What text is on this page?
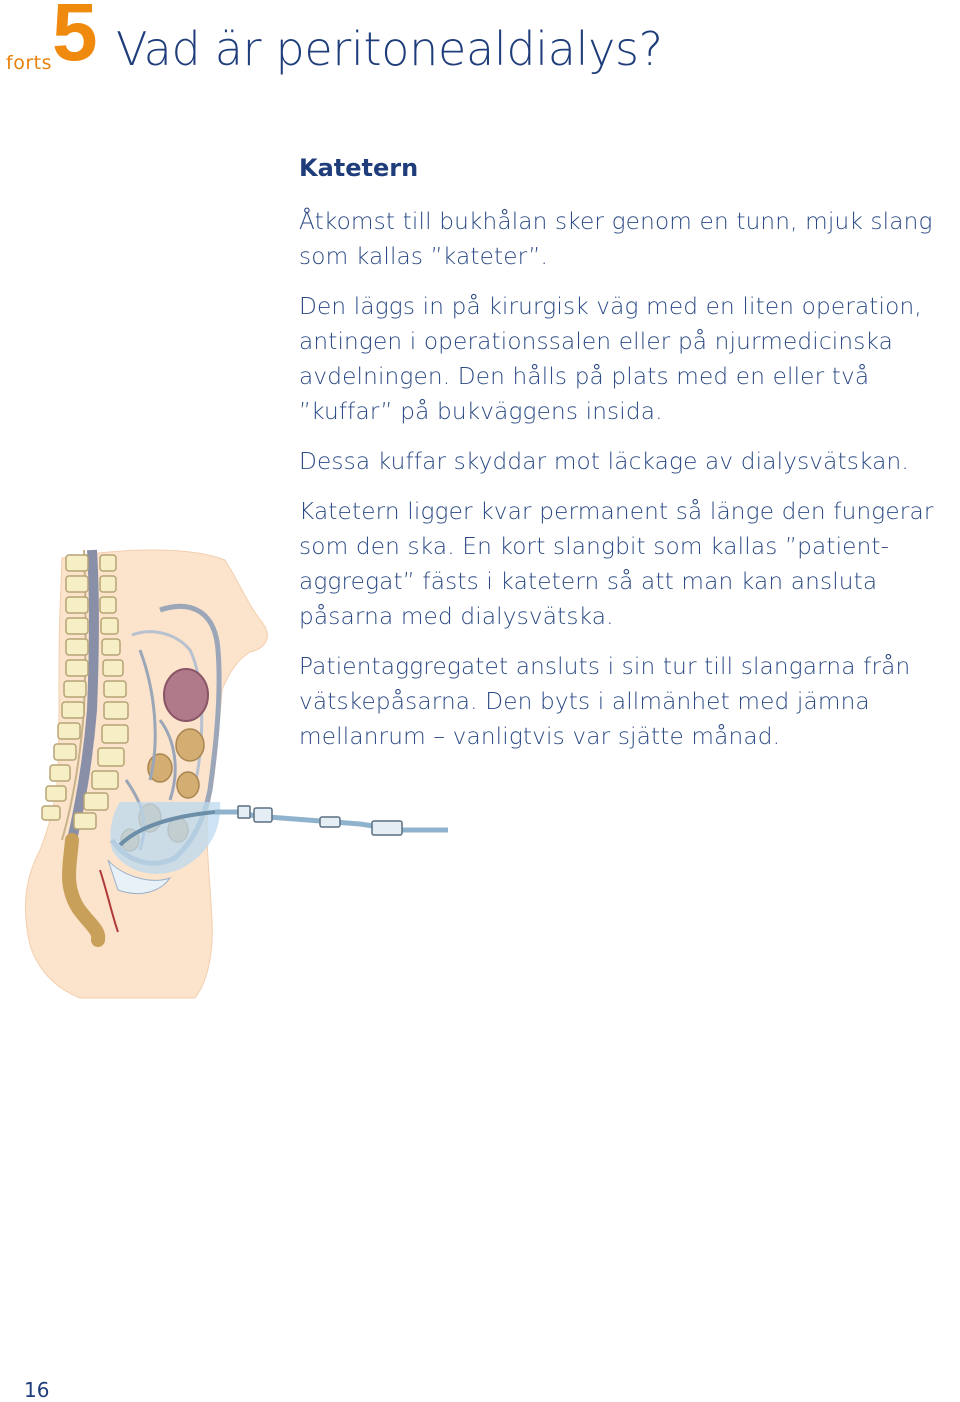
forts 5 Vad är peritonealdialys?
Katetern

Åtkomst till bukhålan sker genom en tunn, mjuk slang som kallas ”kateter”.

Den läggs in på kirurgisk väg med en liten operation, antingen i operationssalen eller på njurmedicinska avdelningen. Den hålls på plats med en eller två ”kuffar” på bukväggens insida.

Dessa kuffar skyddar mot läckage av dialysvätskan.

Katetern ligger kvar permanent så länge den fungerar som den ska. En kort slangbit som kallas ”patient-aggregat” fästs i katetern så att man kan ansluta påsarna med dialysvätska.

Patientaggregatet ansluts i sin tur till slangarna från vätskepåsarna. Den byts i allmänhet med jämna mellanrum – vanligtvis var sjätte månad.

16
